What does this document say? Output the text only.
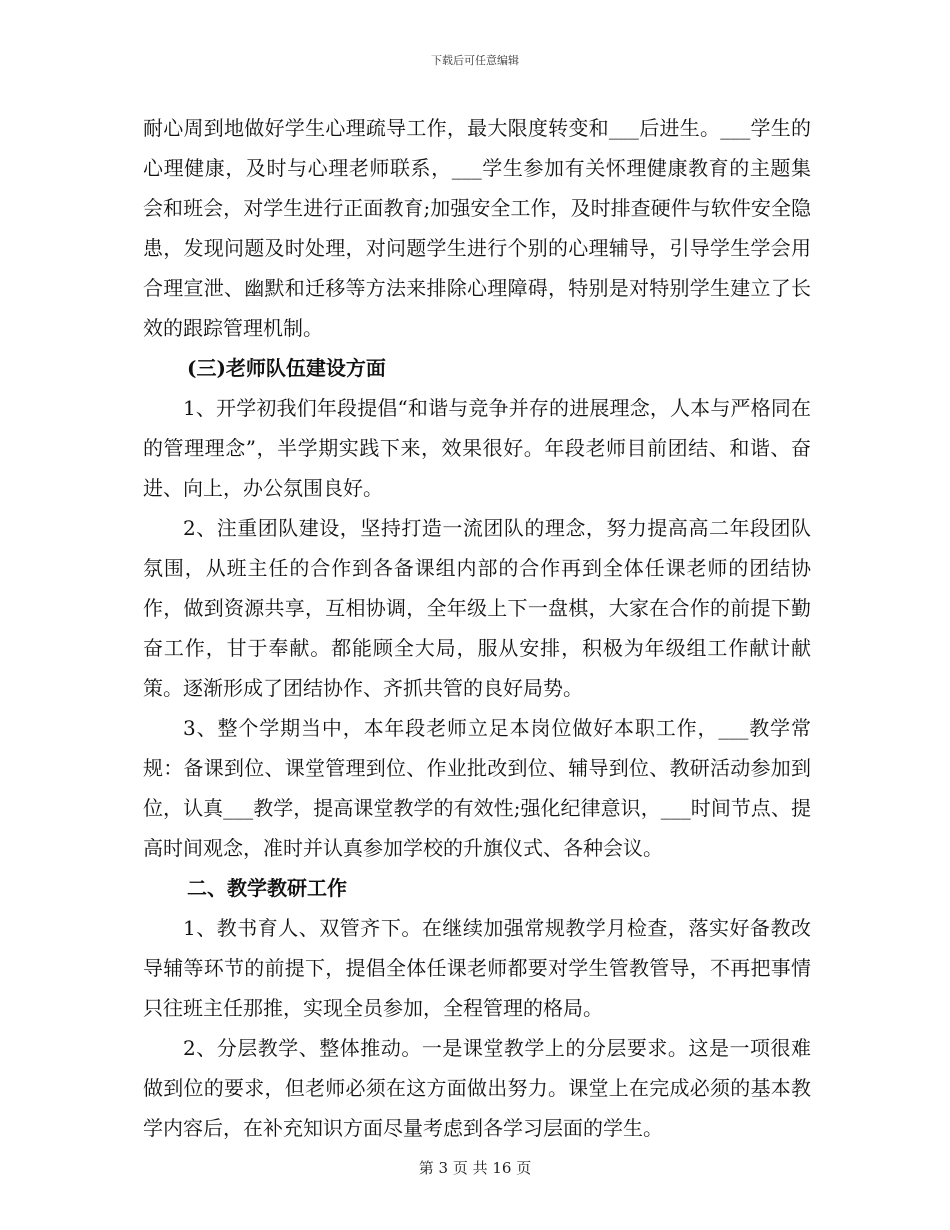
下载后可任意编辑

耐心周到地做好学生心理疏导工作，最大限度转变和___后进生。___学生的心理健康，及时与心理老师联系，___学生参加有关怀理健康教育的主题集会和班会，对学生进行正面教育;加强安全工作，及时排查硬件与软件安全隐患，发现问题及时处理，对问题学生进行个别的心理辅导，引导学生学会用合理宣泄、幽默和迁移等方法来排除心理障碍，特别是对特别学生建立了长效的跟踪管理机制。

(三)老师队伍建设方面

1、开学初我们年段提倡“和谐与竞争并存的进展理念，人本与严格同在的管理理念”，半学期实践下来，效果很好。年段老师目前团结、和谐、奋进、向上，办公氛围良好。

2、注重团队建设，坚持打造一流团队的理念，努力提高高二年段团队氛围，从班主任的合作到各备课组内部的合作再到全体任课老师的团结协作，做到资源共享，互相协调，全年级上下一盘棋，大家在合作的前提下勤奋工作，甘于奉献。都能顾全大局，服从安排，积极为年级组工作献计献策。逐渐形成了团结协作、齐抓共管的良好局势。

3、整个学期当中，本年段老师立足本岗位做好本职工作，___教学常规：备课到位、课堂管理到位、作业批改到位、辅导到位、教研活动参加到位，认真___教学，提高课堂教学的有效性;强化纪律意识，___时间节点、提高时间观念，准时并认真参加学校的升旗仪式、各种会议。

二、教学教研工作

1、教书育人、双管齐下。在继续加强常规教学月检查，落实好备教改导辅等环节的前提下，提倡全体任课老师都要对学生管教管导，不再把事情只往班主任那推，实现全员参加，全程管理的格局。

2、分层教学、整体推动。一是课堂教学上的分层要求。这是一项很难做到位的要求，但老师必须在这方面做出努力。课堂上在完成必须的基本教学内容后，在补充知识方面尽量考虑到各学习层面的学生。

第 3 页 共 16 页
